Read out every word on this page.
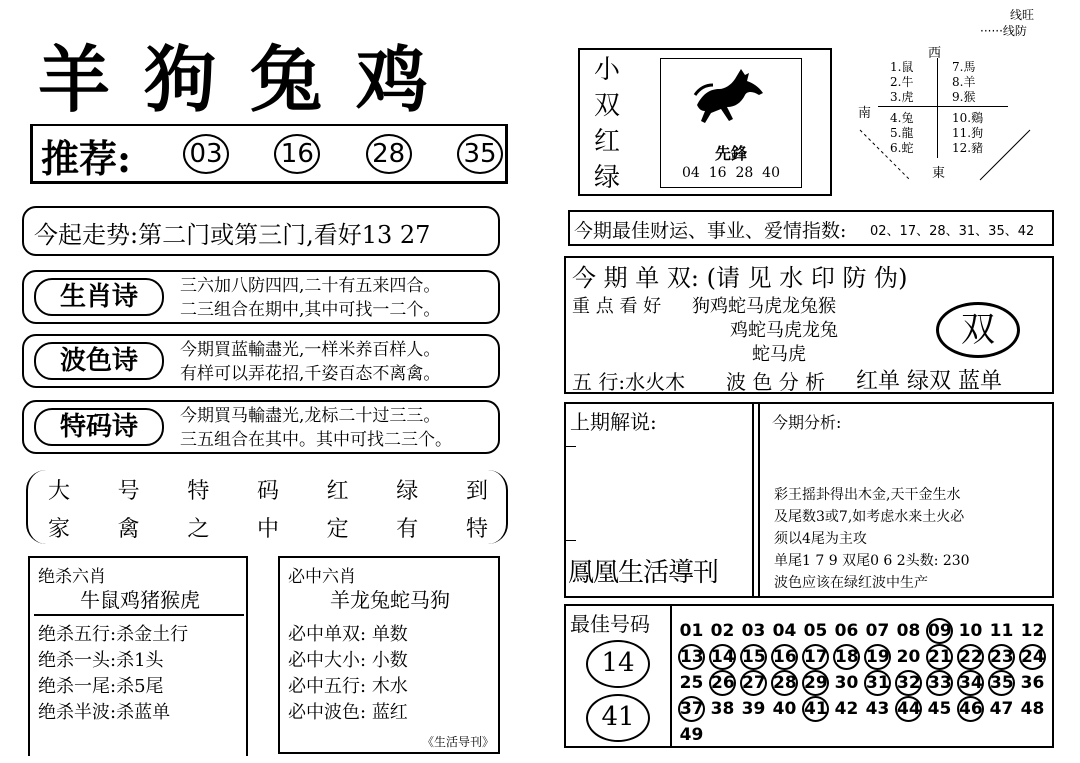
羊狗兔鸡
推荐: 03 16 28 35
今起走势:第二门或第三门,看好13 27
生肖诗	三六加八防四四,二十有五来四合。
二三组合在期中,其中可找一二个。
波色诗	今期買蓝輸盡光,一样米养百样人。
有样可以弄花招,千姿百态不离禽。
特码诗	今期買马輸盡光,龙标二十过三三。
三五组合在其中。其中可找二三个。
大 号 特 码 红 绿 到
家 禽 之 中 定 有 特
绝杀六肖
牛鼠鸡猪猴虎
绝杀五行:杀金土行
绝杀一头:杀1头
绝杀一尾:杀5尾
绝杀半波:杀蓝单
必中六肖
羊龙兔蛇马狗
必中单双: 单数
必中大小: 小数
必中五行: 木水
必中波色: 蓝红
《生活导刊》
小
双
红
绿
先鋒
04  16  28  40
线旺
······线防
西
南
東
1.鼠
2.牛
3.虎
4.兔
5.龍
6.蛇
7.馬
8.羊
9.猴
10.鷄
11.狗
12.豬
今期最佳财运、事业、爱情指数: 02、17、28、31、35、42
今 期 单 双: (请 见 水 印 防 伪)
重 点 看 好 狗鸡蛇马虎龙兔猴
鸡蛇马虎龙兔
蛇马虎
双
五 行:水火木 波 色 分 析 红单 绿双 蓝单
上期解说:
鳳凰生活導刊
今期分析:
彩王摇卦得出木金,天干金生水
及尾数3或7,如考虑水来土火必
须以4尾为主攻
单尾1 7 9 双尾0 6 2头数: 230
波色应该在绿红波中生产
最佳号码
14
41
01 02 03 04 05 06 07 08 09 10 11 12
13 14 15 16 17 18 19 20 21 22 23 24
25 26 27 28 29 30 31 32 33 34 35 36
37 38 39 40 41 42 43 44 45 46 47 48
49
